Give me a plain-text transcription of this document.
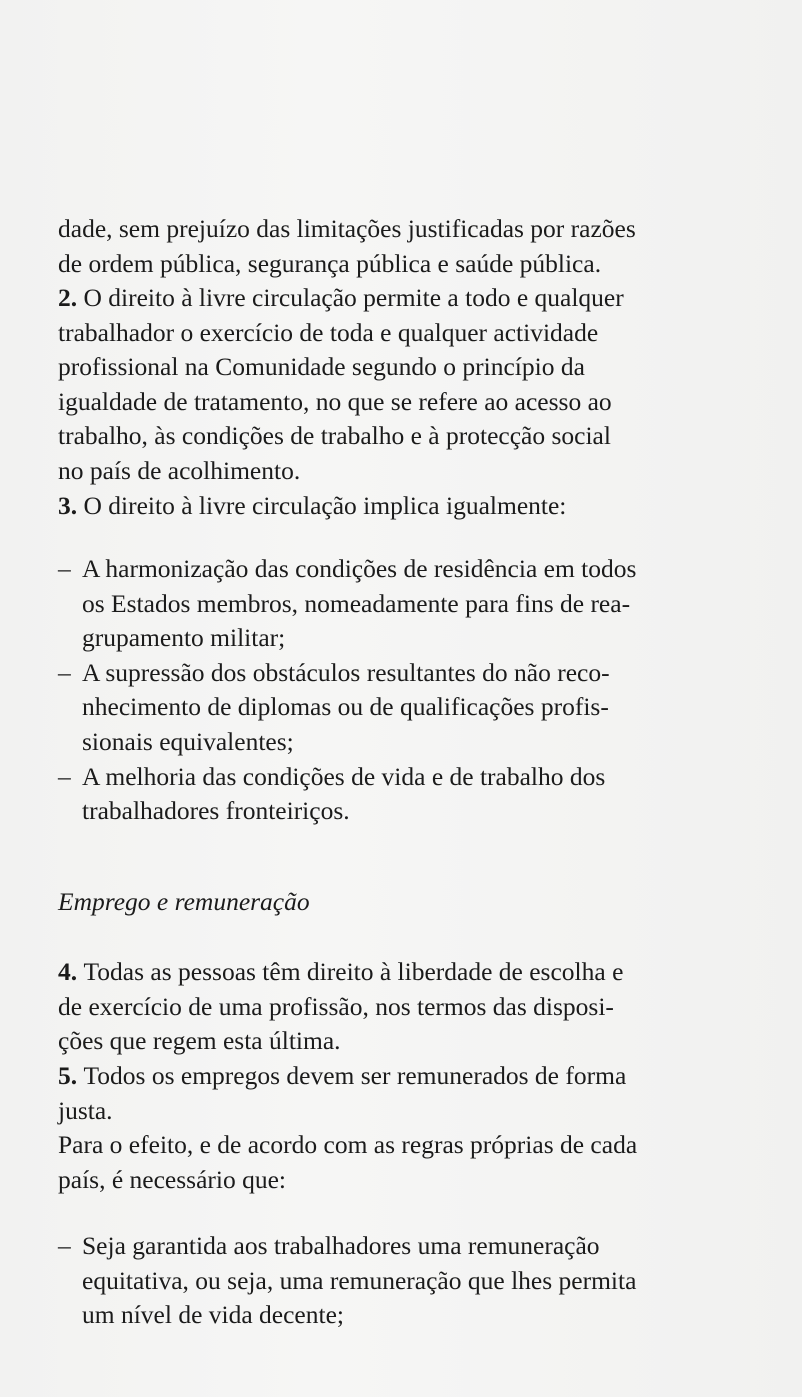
dade, sem prejuízo das limitações justificadas por razões
de ordem pública, segurança pública e saúde pública.
2. O direito à livre circulação permite a todo e qualquer
trabalhador o exercício de toda e qualquer actividade
profissional na Comunidade segundo o princípio da
igualdade de tratamento, no que se refere ao acesso ao
trabalho, às condições de trabalho e à protecção social
no país de acolhimento.
3. O direito à livre circulação implica igualmente:
– A harmonização das condições de residência em todos
os Estados membros, nomeadamente para fins de rea-
grupamento militar;
– A supressão dos obstáculos resultantes do não reco-
nhecimento de diplomas ou de qualificações profis-
sionais equivalentes;
– A melhoria das condições de vida e de trabalho dos
trabalhadores fronteiriços.
Emprego e remuneração
4. Todas as pessoas têm direito à liberdade de escolha e
de exercício de uma profissão, nos termos das disposi-
ções que regem esta última.
5. Todos os empregos devem ser remunerados de forma
justa.
Para o efeito, e de acordo com as regras próprias de cada
país, é necessário que:
– Seja garantida aos trabalhadores uma remuneração
equitativa, ou seja, uma remuneração que lhes permita
um nível de vida decente;
